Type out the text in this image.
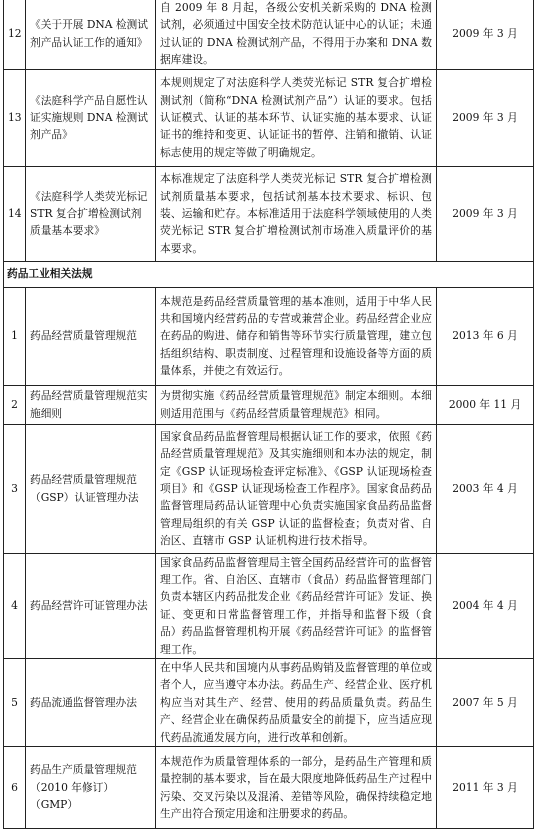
12	《关于开展 DNA 检测试剂产品认证工作的通知》	自 2009 年 8 月起，各级公安机关新采购的 DNA 检测试剂，必须通过中国安全技术防范认证中心的认证；未通过认证的 DNA 检测试剂产品，不得用于办案和 DNA 数据库建设。	2009 年 3 月
13	《法庭科学产品自愿性认证实施规则 DNA 检测试剂产品》	本规则规定了对法庭科学人类荧光标记 STR 复合扩增检测试剂（简称“DNA 检测试剂产品”）认证的要求。包括认证模式、认证的基本环节、认证实施的基本要求、认证证书的维持和变更、认证证书的暂停、注销和撤销、认证标志使用的规定等做了明确规定。	2009 年 3 月
14	《法庭科学人类荧光标记 STR 复合扩增检测试剂质量基本要求》	本标准规定了法庭科学人类荧光标记 STR 复合扩增检测试剂质量基本要求，包括试剂基本技术要求、标识、包装、运输和贮存。本标准适用于法庭科学领域使用的人类荧光标记 STR 复合扩增检测试剂市场准入质量评价的基本要求。	2009 年 3 月
药品工业相关法规			
1	药品经营质量管理规范	本规范是药品经营质量管理的基本准则，适用于中华人民共和国境内经营药品的专营或兼营企业。药品经营企业应在药品的购进、储存和销售等环节实行质量管理，建立包括组织结构、职责制度、过程管理和设施设备等方面的质量体系，并使之有效运行。	2013 年 6 月
2	药品经营质量管理规范实施细则	为贯彻实施《药品经营质量管理规范》制定本细则。本细则适用范围与《药品经营质量管理规范》相同。	2000 年 11 月
3	药品经营质量管理规范（GSP）认证管理办法	国家食品药品监督管理局根据认证工作的要求，依照《药品经营质量管理规范》及其实施细则和本办法的规定，制定《GSP 认证现场检查评定标准》、《GSP 认证现场检查项目》和《GSP 认证现场检查工作程序》。国家食品药品监督管理局药品认证管理中心负责实施国家食品药品监督管理局组织的有关 GSP 认证的监督检查；负责对省、自治区、直辖市 GSP 认证机构进行技术指导。	2003 年 4 月
4	药品经营许可证管理办法	国家食品药品监督管理局主管全国药品经营许可的监督管理工作。省、自治区、直辖市（食品）药品监督管理部门负责本辖区内药品批发企业《药品经营许可证》发证、换证、变更和日常监督管理工作，并指导和监督下级（食品）药品监督管理机构开展《药品经营许可证》的监督管理工作。	2004 年 4 月
5	药品流通监督管理办法	在中华人民共和国境内从事药品购销及监督管理的单位或者个人，应当遵守本办法。药品生产、经营企业、医疗机构应当对其生产、经营、使用的药品质量负责。药品生产、经营企业在确保药品质量安全的前提下，应当适应现代药品流通发展方向，进行改革和创新。	2007 年 5 月
6	药品生产质量管理规范（2010 年修订）（GMP）	本规范作为质量管理体系的一部分，是药品生产管理和质量控制的基本要求，旨在最大限度地降低药品生产过程中污染、交叉污染以及混淆、差错等风险，确保持续稳定地生产出符合预定用途和注册要求的药品。	2011 年 3 月
